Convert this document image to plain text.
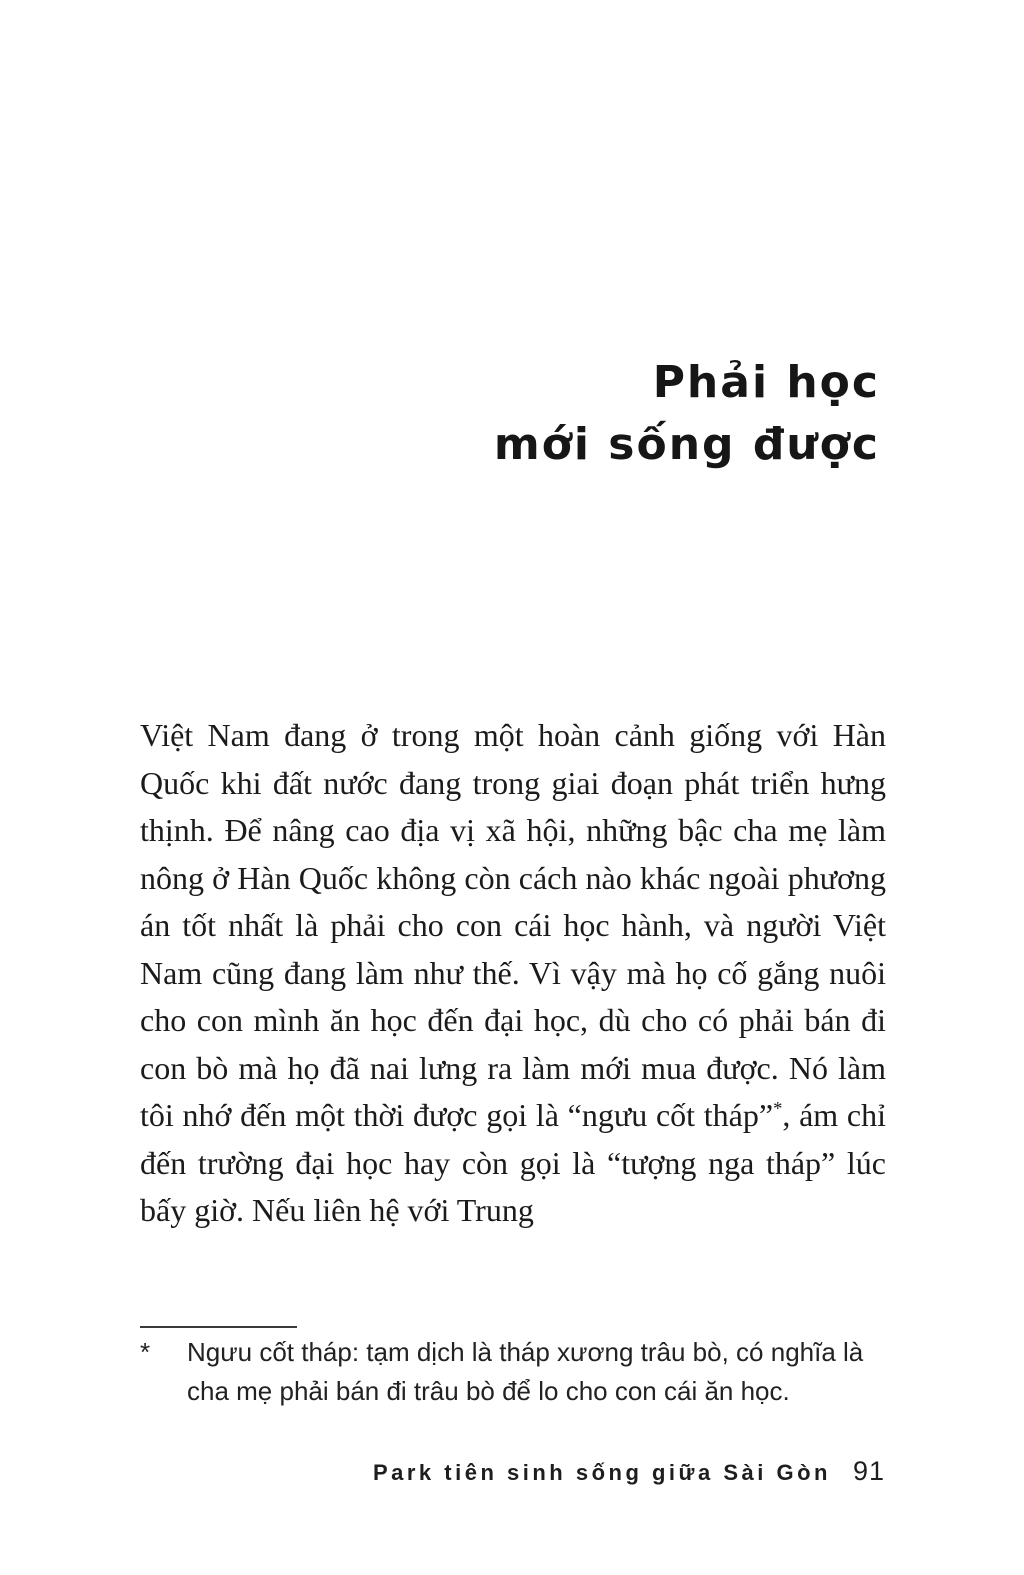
Phải học
mới sống được

Việt Nam đang ở trong một hoàn cảnh giống với Hàn Quốc khi đất nước đang trong giai đoạn phát triển hưng thịnh. Để nâng cao địa vị xã hội, những bậc cha mẹ làm nông ở Hàn Quốc không còn cách nào khác ngoài phương án tốt nhất là phải cho con cái học hành, và người Việt Nam cũng đang làm như thế. Vì vậy mà họ cố gắng nuôi cho con mình ăn học đến đại học, dù cho có phải bán đi con bò mà họ đã nai lưng ra làm mới mua được. Nó làm tôi nhớ đến một thời được gọi là “ngưu cốt tháp”*, ám chỉ đến trường đại học hay còn gọi là “tượng nga tháp” lúc bấy giờ. Nếu liên hệ với Trung

*	Ngưu cốt tháp: tạm dịch là tháp xương trâu bò, có nghĩa là cha mẹ phải bán đi trâu bò để lo cho con cái ăn học.
Park tiên sinh sống giữa Sài Gòn 91
